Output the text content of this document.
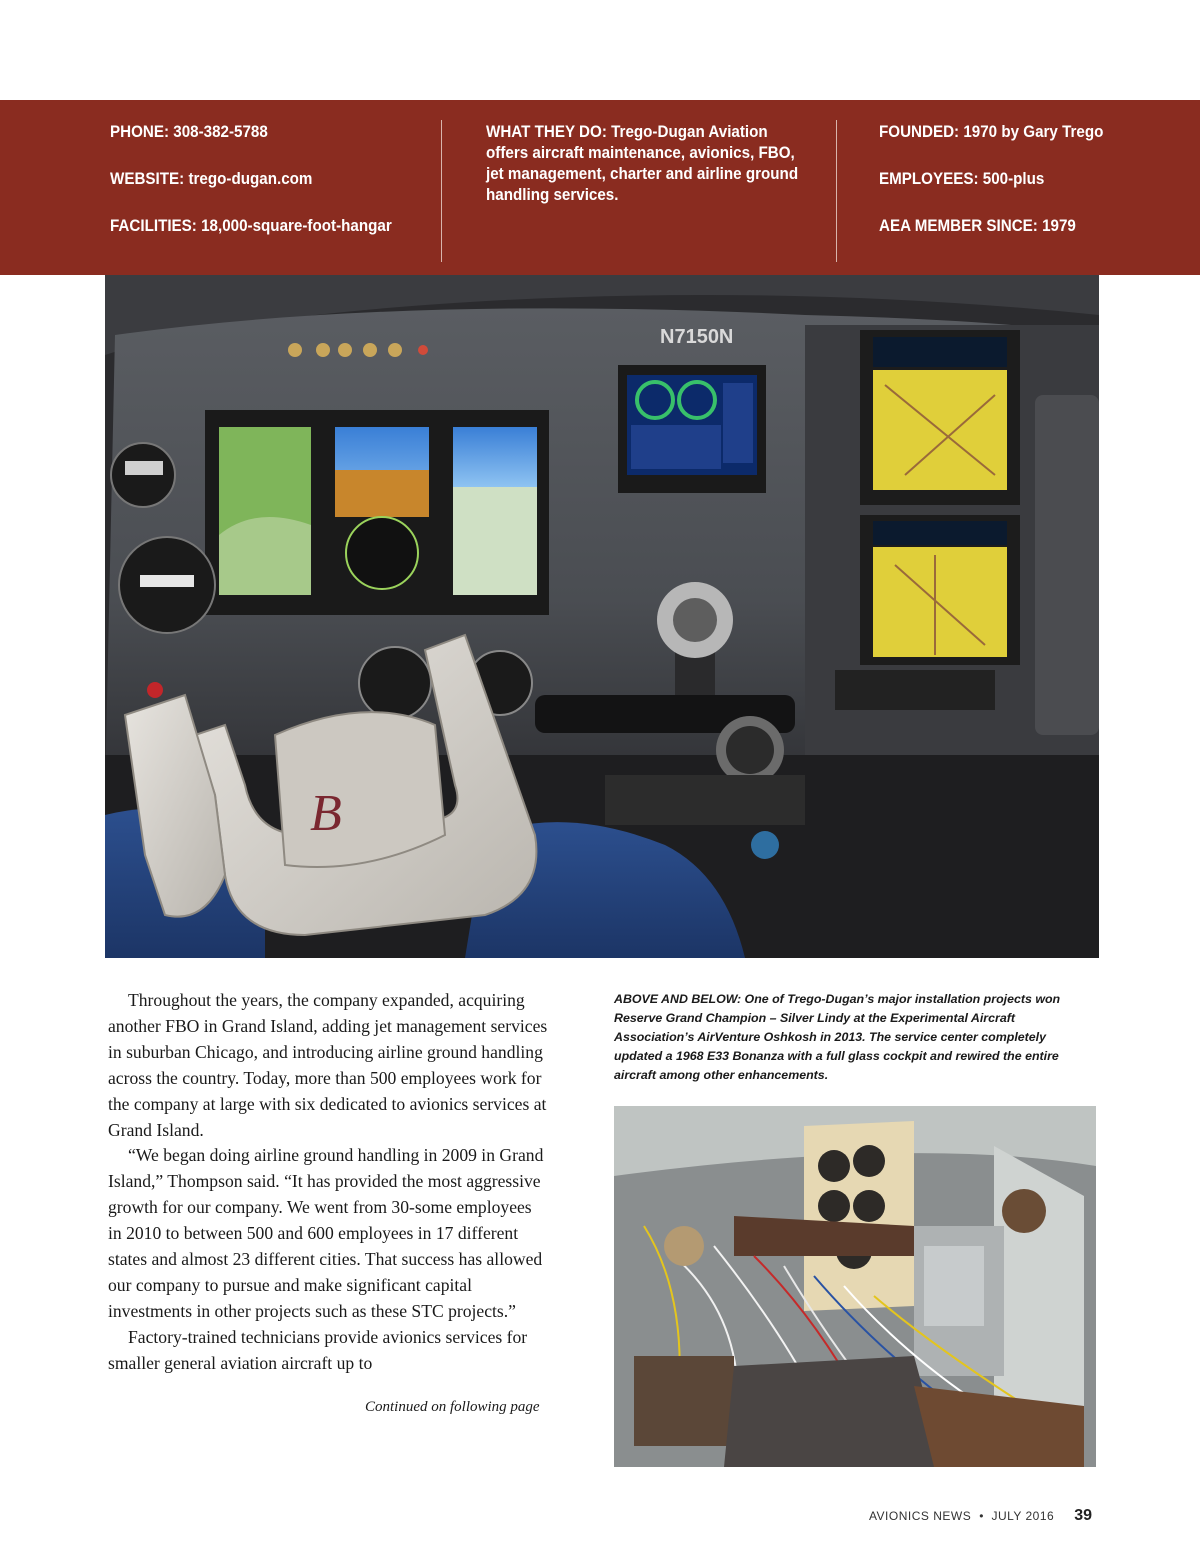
PHONE: 308-382-5788
WEBSITE: trego-dugan.com
FACILITIES: 18,000-square-foot-hangar
WHAT THEY DO: Trego-Dugan Aviation offers aircraft maintenance, avionics, FBO, jet management, charter and airline ground handling services.
FOUNDED: 1970 by Gary Trego
EMPLOYEES: 500-plus
AEA MEMBER SINCE: 1979
N7150N
B

Throughout the years, the company expanded, acquiring another FBO in Grand Island, adding jet management services in suburban Chicago, and introducing airline ground handling across the country. Today, more than 500 employees work for the company at large with six dedicated to avionics services at Grand Island.

“We began doing airline ground handling in 2009 in Grand Island,” Thompson said. “It has provided the most aggressive growth for our company. We went from 30-some employees in 2010 to between 500 and 600 employees in 17 different states and almost 23 different cities. That success has allowed our company to pursue and make significant capital investments in other projects such as these STC projects.”

Factory-trained technicians provide avionics services for smaller general aviation aircraft up to

Continued on following page
ABOVE AND BELOW: One of Trego-Dugan’s major installation projects won Reserve Grand Champion – Silver Lindy at the Experimental Aircraft Association’s AirVenture Oshkosh in 2013. The service center completely updated a 1968 E33 Bonanza with a full glass cockpit and rewired the entire aircraft among other enhancements.
AVIONICS NEWS • JULY 2016 39
